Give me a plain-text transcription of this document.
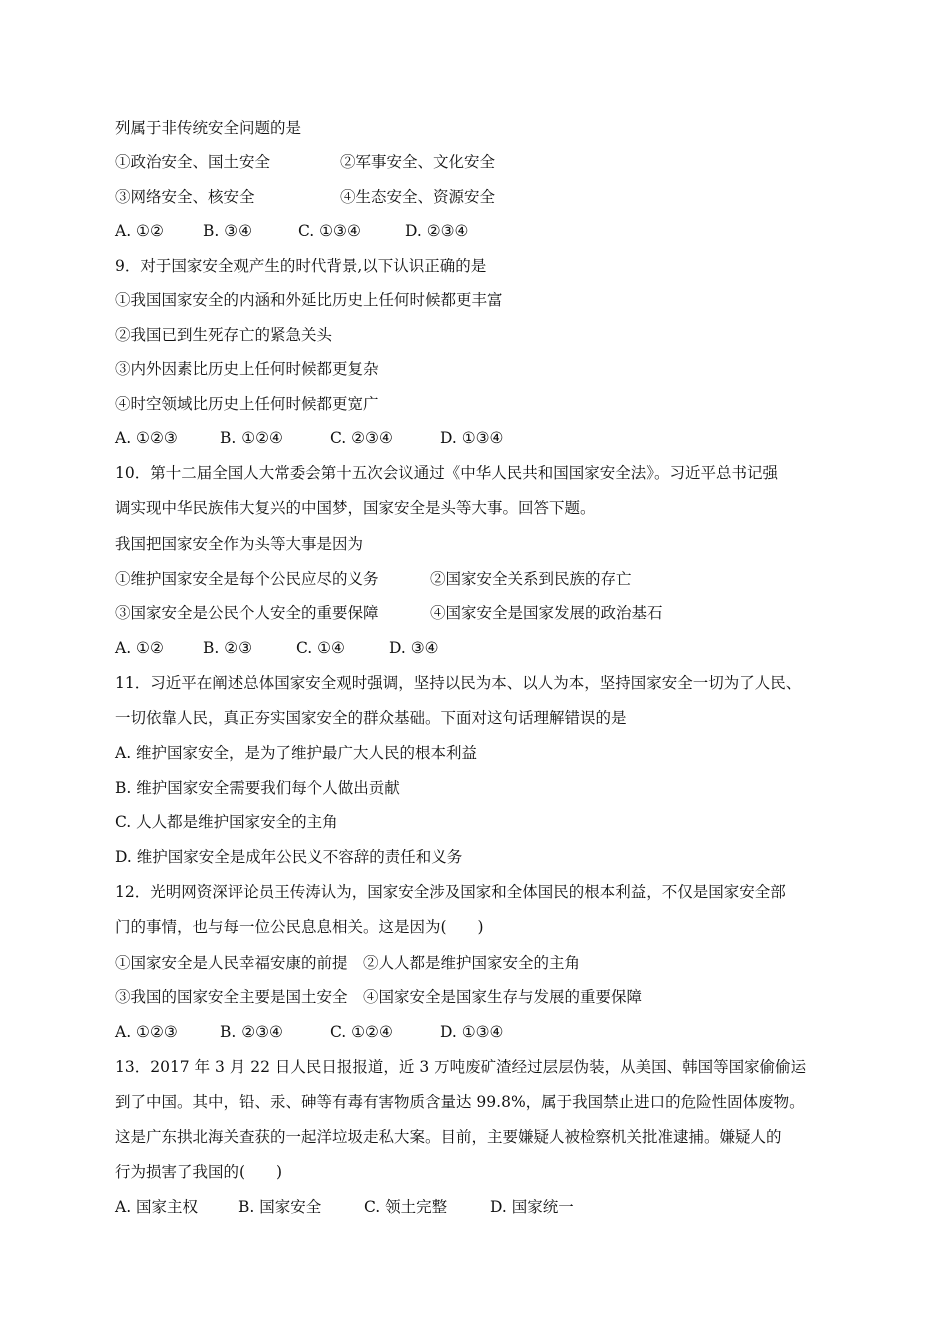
列属于非传统安全问题的是
①政治安全、国土安全	②军事安全、文化安全
③网络安全、核安全	④生态安全、资源安全
A. ①②	B. ③④	C. ①③④	D. ②③④
9．对于国家安全观产生的时代背景,以下认识正确的是
①我国国家安全的内涵和外延比历史上任何时候都更丰富
②我国已到生死存亡的紧急关头
③内外因素比历史上任何时候都更复杂
④时空领域比历史上任何时候都更宽广
A. ①②③	B. ①②④	C. ②③④	D. ①③④
10．第十二届全国人大常委会第十五次会议通过《中华人民共和国国家安全法》。习近平总书记强
调实现中华民族伟大复兴的中国梦，国家安全是头等大事。回答下题。
我国把国家安全作为头等大事是因为
①维护国家安全是每个公民应尽的义务	②国家安全关系到民族的存亡
③国家安全是公民个人安全的重要保障	④国家安全是国家发展的政治基石
A. ①②	B. ②③	C. ①④	D. ③④
11．习近平在阐述总体国家安全观时强调，坚持以民为本、以人为本，坚持国家安全一切为了人民、
一切依靠人民，真正夯实国家安全的群众基础。下面对这句话理解错误的是
A. 维护国家安全，是为了维护最广大人民的根本利益
B. 维护国家安全需要我们每个人做出贡献
C. 人人都是维护国家安全的主角
D. 维护国家安全是成年公民义不容辞的责任和义务
12．光明网资深评论员王传涛认为，国家安全涉及国家和全体国民的根本利益，不仅是国家安全部
门的事情，也与每一位公民息息相关。这是因为(　　)
①国家安全是人民幸福安康的前提　②人人都是维护国家安全的主角
③我国的国家安全主要是国土安全　④国家安全是国家生存与发展的重要保障
A. ①②③	B. ②③④	C. ①②④	D. ①③④
13．2017 年 3 月 22 日人民日报报道，近 3 万吨废矿渣经过层层伪装，从美国、韩国等国家偷偷运
到了中国。其中，铅、汞、砷等有毒有害物质含量达 99.8%，属于我国禁止进口的危险性固体废物。
这是广东拱北海关查获的一起洋垃圾走私大案。目前，主要嫌疑人被检察机关批准逮捕。嫌疑人的
行为损害了我国的(　　)
A. 国家主权	B. 国家安全	C. 领土完整	D. 国家统一
